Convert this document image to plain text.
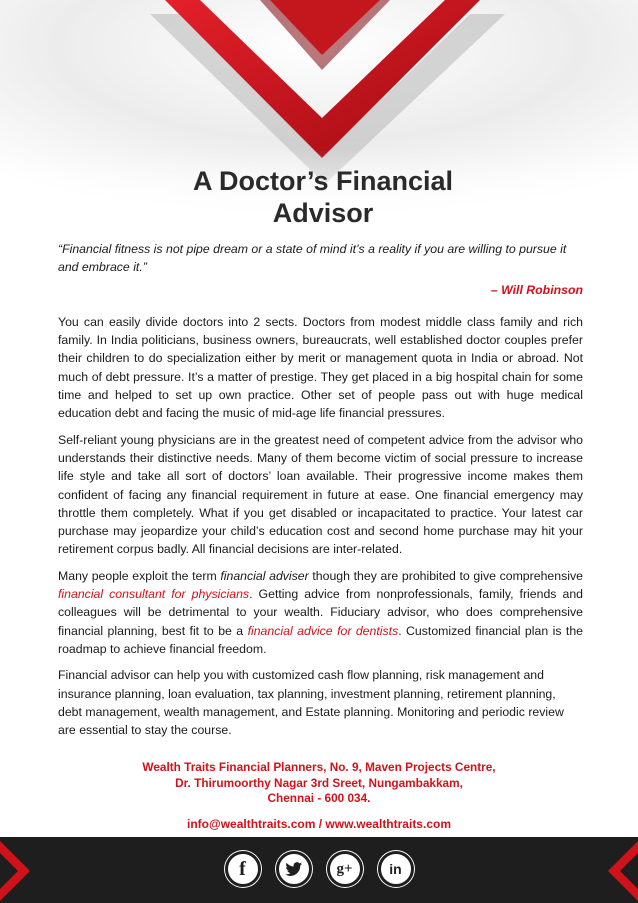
A Doctor’s Financial
Advisor

“Financial fitness is not pipe dream or a state of mind it’s a reality if you are willing to pursue it and embrace it.”

– Will Robinson

You can easily divide doctors into 2 sects. Doctors from modest middle class family and rich family. In India politicians, business owners, bureaucrats, well established doctor couples prefer their children to do specialization either by merit or management quota in India or abroad. Not much of debt pressure. It’s a matter of prestige. They get placed in a big hospital chain for some time and helped to set up own practice. Other set of people pass out with huge medical education debt and facing the music of mid-age life financial pressures.

Self-reliant young physicians are in the greatest need of competent advice from the advisor who understands their distinctive needs. Many of them become victim of social pressure to increase life style and take all sort of doctors’ loan available. Their progressive income makes them confident of facing any financial requirement in future at ease. One financial emergency may throttle them completely. What if you get disabled or incapacitated to practice. Your latest car purchase may jeopardize your child’s education cost and second home purchase may hit your retirement corpus badly. All financial decisions are inter-related.

Many people exploit the term financial adviser though they are prohibited to give comprehensive financial consultant for physicians. Getting advice from nonprofessionals, family, friends and colleagues will be detrimental to your wealth. Fiduciary advisor, who does comprehensive financial planning, best fit to be a financial advice for dentists. Customized financial plan is the roadmap to achieve financial freedom.

Financial advisor can help you with customized cash flow planning, risk management and insurance planning, loan evaluation, tax planning, investment planning, retirement planning, debt management, wealth management, and Estate planning. Monitoring and periodic review are essential to stay the course.

Wealth Traits Financial Planners, No. 9, Maven Projects Centre,
Dr. Thirumoorthy Nagar 3rd Sreet, Nungambakkam,
Chennai - 600 034.
info@wealthtraits.com / www.wealthtraits.com
f	g+	in
